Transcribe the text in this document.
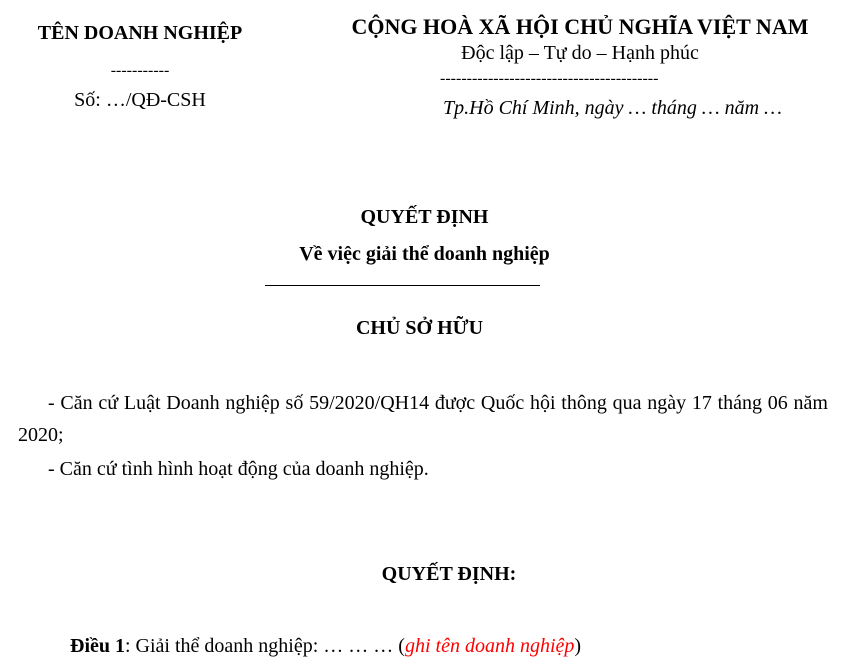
TÊN DOANH NGHIỆP
-----------
Số: …/QĐ-CSH
CỘNG HOÀ XÃ HỘI CHỦ NGHĨA VIỆT NAM
Độc lập – Tự do – Hạnh phúc
-----------------------------------------
Tp.Hồ Chí Minh, ngày … tháng … năm …
QUYẾT ĐỊNH
Về việc giải thể doanh nghiệp
CHỦ SỞ HỮU
- Căn cứ Luật Doanh nghiệp số 59/2020/QH14 được Quốc hội thông qua ngày 17 tháng 06 năm 2020;
- Căn cứ tình hình hoạt động của doanh nghiệp.
QUYẾT ĐỊNH:
Điều 1: Giải thể doanh nghiệp: … … … (ghi tên doanh nghiệp)
